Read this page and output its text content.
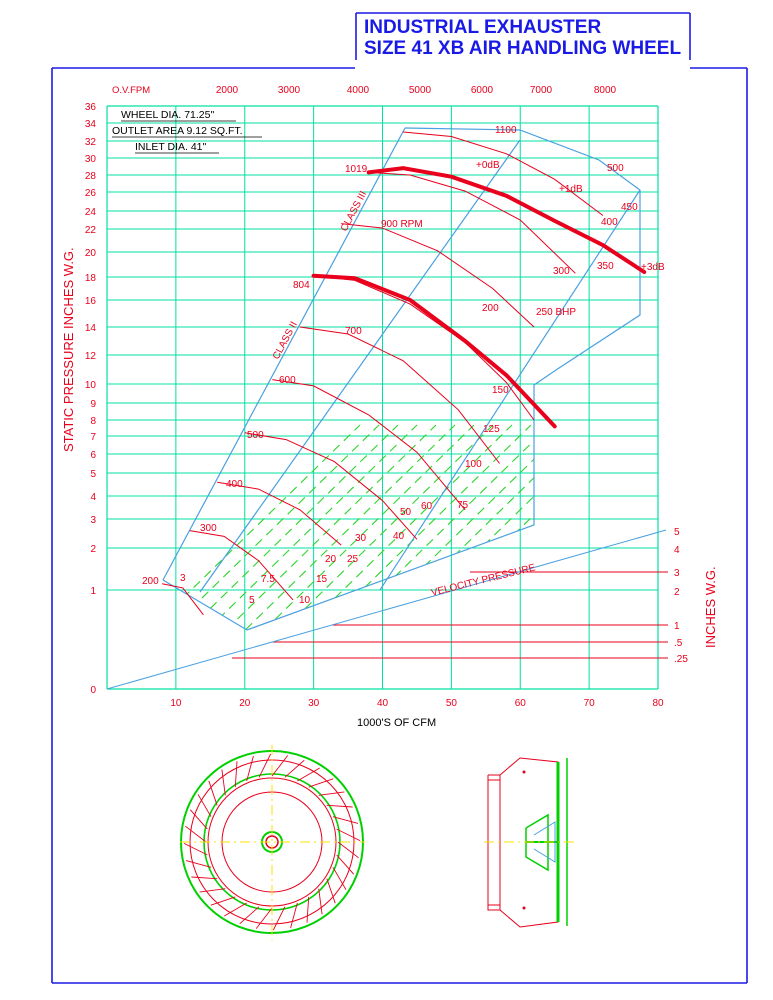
INDUSTRIAL EXHAUSTER
SIZE 41 XB AIR HANDLING WHEEL
0
1
2
3
4
5
6
7
8
9
10
12
14
16
18
20
22
24
26
28
30
32
34
36
10	20	30	40	50	60	70	80
2000	3000	4000	5000	6000	7000	8000
5
4
3
2
1
.5
.25
VELOCITY PRESSURE
CLASS II
CLASS III
200
300
400
500
600
700
804
900 RPM
1019
1100
3
5
7.5
10
15
20 25
30	40
50
60 75
100
125
150
200	250 BHP
300	350
400
450
500
+0dB
+1dB
+3dB
WHEEL DIA. 71.25"
OUTLET AREA 9.12 SQ.FT.
INLET DIA. 41"
1000'S OF CFM
STATIC PRESSURE INCHES W.G.
INCHES W.G.
O.V.FPM
